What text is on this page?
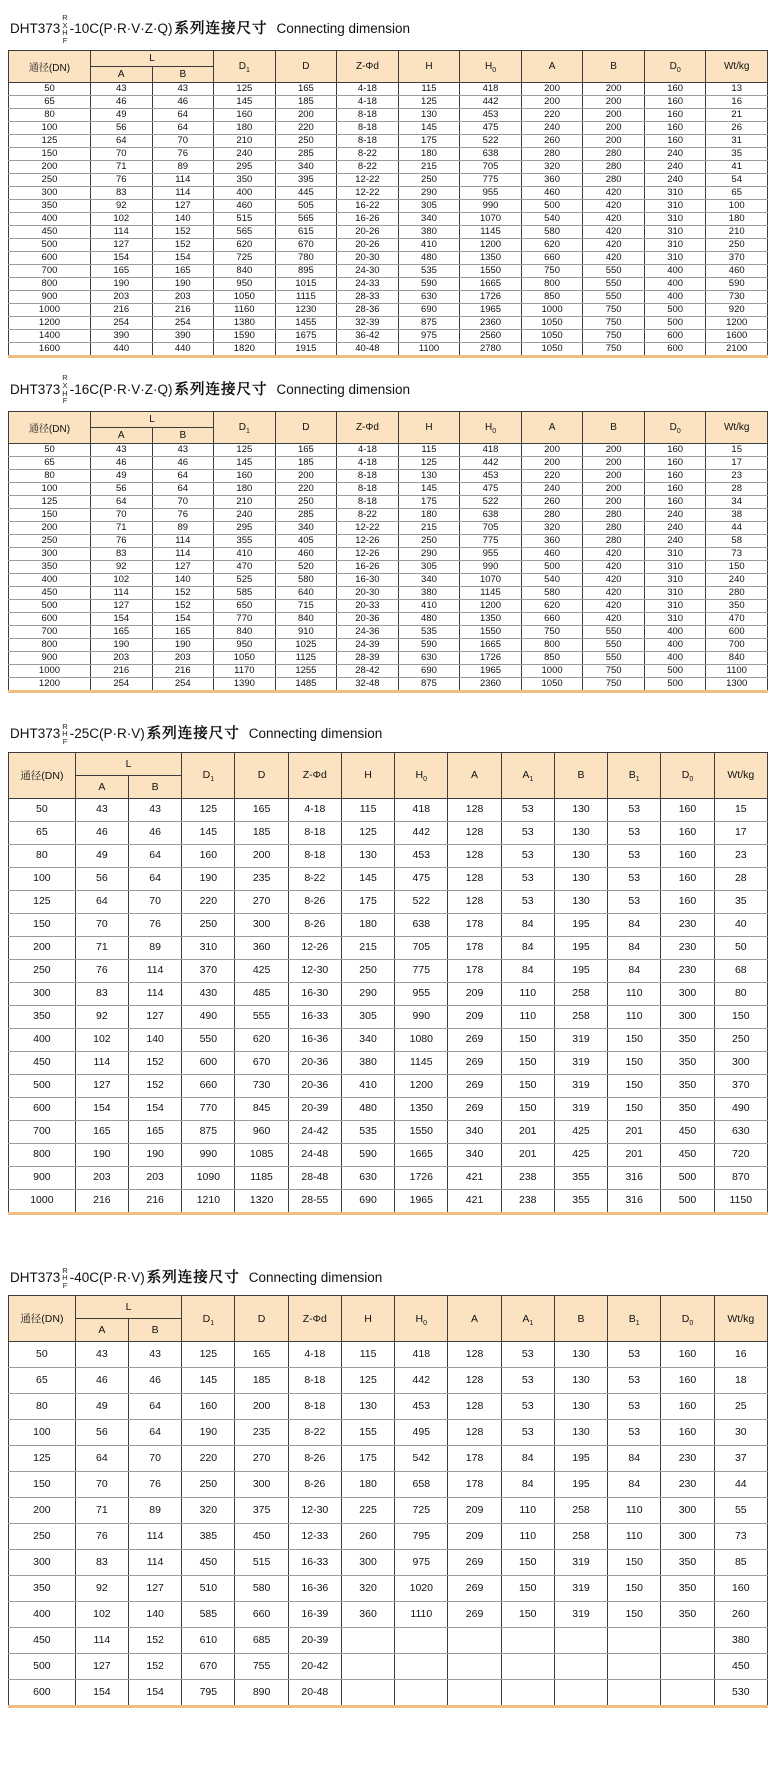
DHT373
R
X
H
F
-10C(P·R·V·Z·Q) 系列连接尺寸 Connecting dimension
通径(DN)	L		$D_1$	D	Z-Φd	H	$H_0$	A	B	$D_0$	Wt/kg
	A	B									
50	43	43	125	165	4-18	115	418	200	200	160	13
65	46	46	145	185	4-18	125	442	200	200	160	16
80	49	64	160	200	8-18	130	453	220	200	160	21
100	56	64	180	220	8-18	145	475	240	200	160	26
125	64	70	210	250	8-18	175	522	260	200	160	31
150	70	76	240	285	8-22	180	638	280	280	240	35
200	71	89	295	340	8-22	215	705	320	280	240	41
250	76	114	350	395	12-22	250	775	360	280	240	54
300	83	114	400	445	12-22	290	955	460	420	310	65
350	92	127	460	505	16-22	305	990	500	420	310	100
400	102	140	515	565	16-26	340	1070	540	420	310	180
450	114	152	565	615	20-26	380	1145	580	420	310	210
500	127	152	620	670	20-26	410	1200	620	420	310	250
600	154	154	725	780	20-30	480	1350	660	420	310	370
700	165	165	840	895	24-30	535	1550	750	550	400	460
800	190	190	950	1015	24-33	590	1665	800	550	400	590
900	203	203	1050	1115	28-33	630	1726	850	550	400	730
1000	216	216	1160	1230	28-36	690	1965	1000	750	500	920
1200	254	254	1380	1455	32-39	875	2360	1050	750	500	1200
1400	390	390	1590	1675	36-42	975	2560	1050	750	600	1600
1600	440	440	1820	1915	40-48	1100	2780	1050	750	600	2100
DHT373
R
X
H
F
-16C(P·R·V·Z·Q) 系列连接尺寸 Connecting dimension
通径(DN)	L		$D_1$	D	Z-Φd	H	$H_0$	A	B	$D_0$	Wt/kg
	A	B									
50	43	43	125	165	4-18	115	418	200	200	160	15
65	46	46	145	185	4-18	125	442	200	200	160	17
80	49	64	160	200	8-18	130	453	220	200	160	23
100	56	64	180	220	8-18	145	475	240	200	160	28
125	64	70	210	250	8-18	175	522	260	200	160	34
150	70	76	240	285	8-22	180	638	280	280	240	38
200	71	89	295	340	12-22	215	705	320	280	240	44
250	76	114	355	405	12-26	250	775	360	280	240	58
300	83	114	410	460	12-26	290	955	460	420	310	73
350	92	127	470	520	16-26	305	990	500	420	310	150
400	102	140	525	580	16-30	340	1070	540	420	310	240
450	114	152	585	640	20-30	380	1145	580	420	310	280
500	127	152	650	715	20-33	410	1200	620	420	310	350
600	154	154	770	840	20-36	480	1350	660	420	310	470
700	165	165	840	910	24-36	535	1550	750	550	400	600
800	190	190	950	1025	24-39	590	1665	800	550	400	700
900	203	203	1050	1125	28-39	630	1726	850	550	400	840
1000	216	216	1170	1255	28-42	690	1965	1000	750	500	1100
1200	254	254	1390	1485	32-48	875	2360	1050	750	500	1300
DHT373 R
H
F
-25C(P·R·V) 系列连接尺寸 Connecting dimension
通径(DN)	L		$D_1$	D	Z-Φd	H	$H_0$	A	$A_1$	B	$B_1$	$D_0$	Wt/kg
	A	B											
50	43	43	125	165	4-18	115	418	128	53	130	53	160	15
65	46	46	145	185	8-18	125	442	128	53	130	53	160	17
80	49	64	160	200	8-18	130	453	128	53	130	53	160	23
100	56	64	190	235	8-22	145	475	128	53	130	53	160	28
125	64	70	220	270	8-26	175	522	128	53	130	53	160	35
150	70	76	250	300	8-26	180	638	178	84	195	84	230	40
200	71	89	310	360	12-26	215	705	178	84	195	84	230	50
250	76	114	370	425	12-30	250	775	178	84	195	84	230	68
300	83	114	430	485	16-30	290	955	209	110	258	110	300	80
350	92	127	490	555	16-33	305	990	209	110	258	110	300	150
400	102	140	550	620	16-36	340	1080	269	150	319	150	350	250
450	114	152	600	670	20-36	380	1145	269	150	319	150	350	300
500	127	152	660	730	20-36	410	1200	269	150	319	150	350	370
600	154	154	770	845	20-39	480	1350	269	150	319	150	350	490
700	165	165	875	960	24-42	535	1550	340	201	425	201	450	630
800	190	190	990	1085	24-48	590	1665	340	201	425	201	450	720
900	203	203	1090	1185	28-48	630	1726	421	238	355	316	500	870
1000	216	216	1210	1320	28-55	690	1965	421	238	355	316	500	1150
DHT373 R
H
F
-40C(P·R·V) 系列连接尺寸 Connecting dimension
通径(DN)	L		$D_1$	D	Z-Φd	H	$H_0$	A	$A_1$	B	$B_1$	$D_0$	Wt/kg
	A	B											
50	43	43	125	165	4-18	115	418	128	53	130	53	160	16
65	46	46	145	185	8-18	125	442	128	53	130	53	160	18
80	49	64	160	200	8-18	130	453	128	53	130	53	160	25
100	56	64	190	235	8-22	155	495	128	53	130	53	160	30
125	64	70	220	270	8-26	175	542	178	84	195	84	230	37
150	70	76	250	300	8-26	180	658	178	84	195	84	230	44
200	71	89	320	375	12-30	225	725	209	110	258	110	300	55
250	76	114	385	450	12-33	260	795	209	110	258	110	300	73
300	83	114	450	515	16-33	300	975	269	150	319	150	350	85
350	92	127	510	580	16-36	320	1020	269	150	319	150	350	160
400	102	140	585	660	16-39	360	1110	269	150	319	150	350	260
450	114	152	610	685	20-39								380
500	127	152	670	755	20-42								450
600	154	154	795	890	20-48								530
